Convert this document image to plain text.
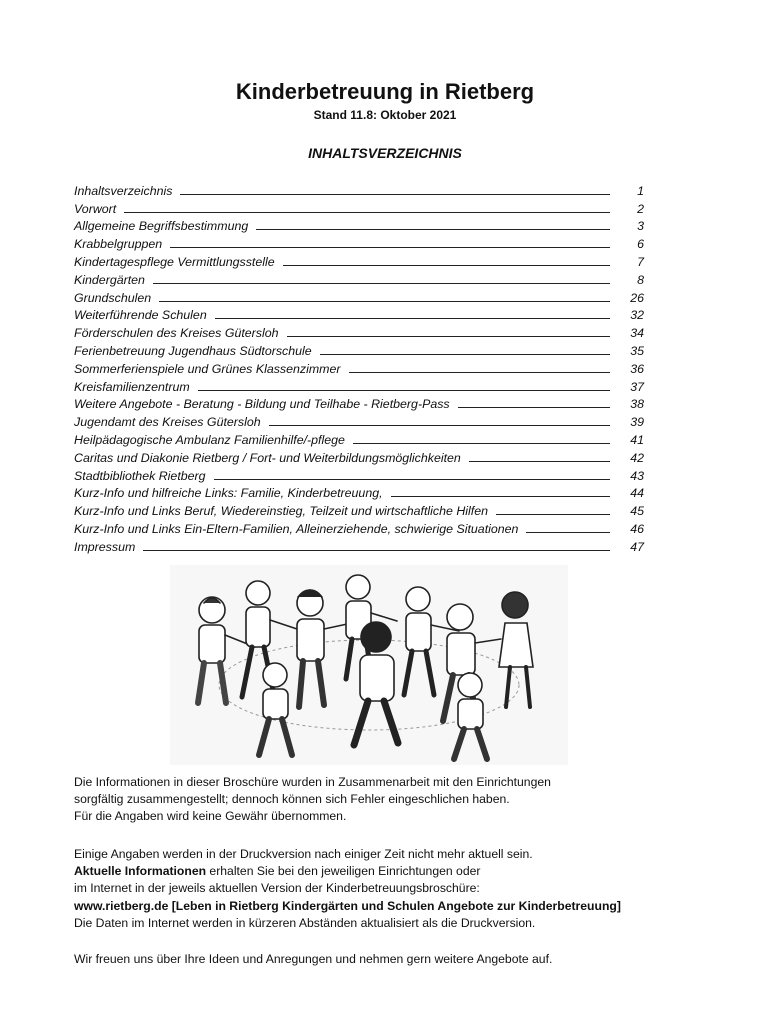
Kinderbetreuung in Rietberg
Stand 11.8: Oktober 2021
INHALTSVERZEICHNIS
Inhaltsverzeichnis	1
Vorwort	2
Allgemeine Begriffsbestimmung	3
Krabbelgruppen	6
Kindertagespflege Vermittlungsstelle	7
Kindergärten	8
Grundschulen	26
Weiterführende Schulen	32
Förderschulen des Kreises Gütersloh	34
Ferienbetreuung Jugendhaus Südtorschule	35
Sommerferienspiele und Grünes Klassenzimmer	36
Kreisfamilienzentrum	37
Weitere Angebote - Beratung - Bildung und Teilhabe - Rietberg-Pass	38
Jugendamt des Kreises Gütersloh	39
Heilpädagogische Ambulanz Familienhilfe/-pflege	41
Caritas und Diakonie Rietberg / Fort- und Weiterbildungsmöglichkeiten	42
Stadtbibliothek Rietberg	43
Kurz-Info und hilfreiche Links: Familie, Kinderbetreuung,	44
Kurz-Info und Links Beruf, Wiedereinstieg, Teilzeit und wirtschaftliche Hilfen	45
Kurz-Info und Links Ein-Eltern-Familien, Alleinerziehende, schwierige Situationen	46
Impressum	47
Die Informationen in dieser Broschüre wurden in Zusammenarbeit mit den Einrichtungen
sorgfältig zusammengestellt; dennoch können sich Fehler eingeschlichen haben.
Für die Angaben wird keine Gewähr übernommen.
Einige Angaben werden in der Druckversion nach einiger Zeit nicht mehr aktuell sein.
Aktuelle Informationen erhalten Sie bei den jeweiligen Einrichtungen oder
im Internet in der jeweils aktuellen Version der Kinderbetreuungsbroschüre:
www.rietberg.de [Leben in Rietberg Kindergärten und Schulen Angebote zur Kinderbetreuung]
Die Daten im Internet werden in kürzeren Abständen aktualisiert als die Druckversion.
Wir freuen uns über Ihre Ideen und Anregungen und nehmen gern weitere Angebote auf.
